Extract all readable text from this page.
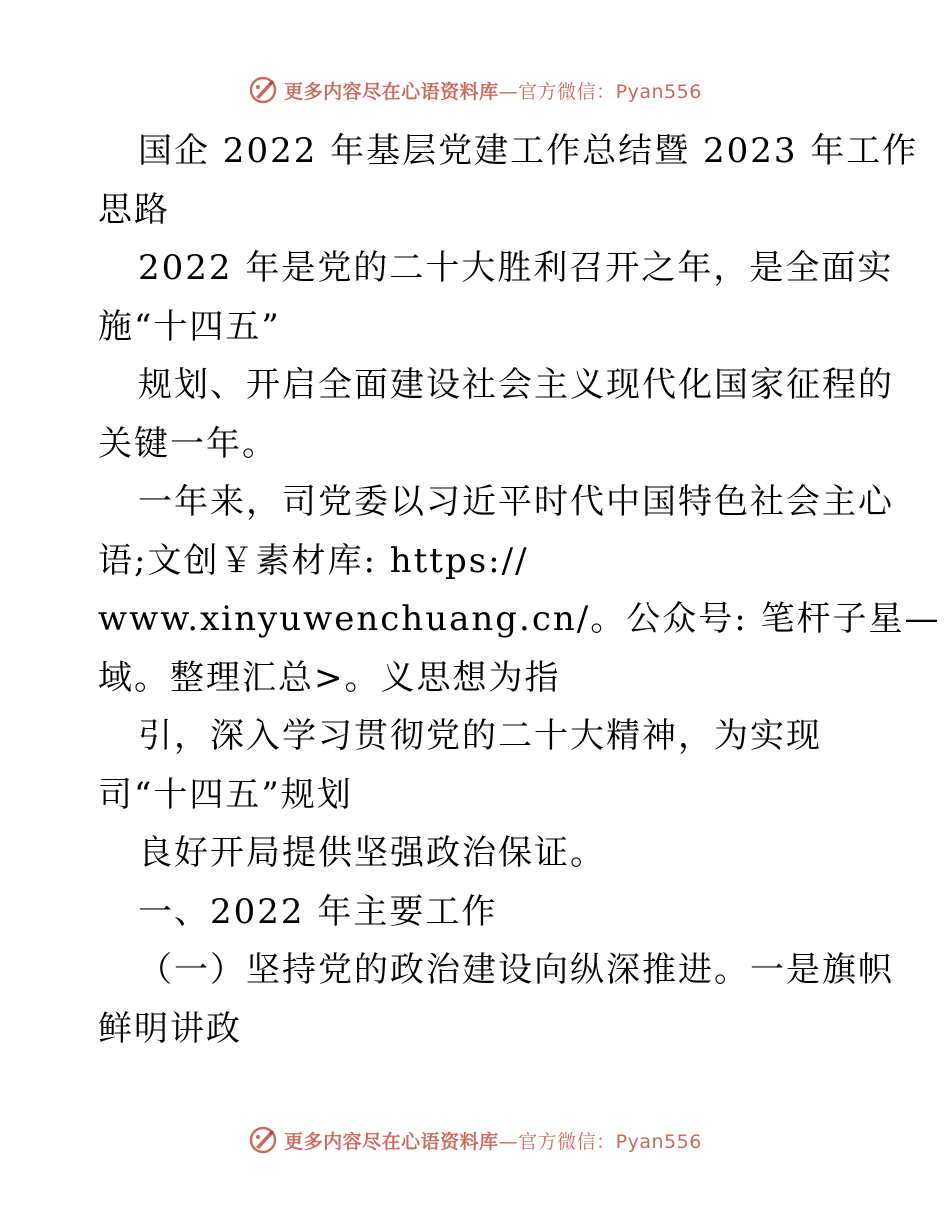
更多内容尽在心语资料库—官方微信：Pyan556
国企 2022 年基层党建工作总结暨 2023 年工作
思路
2022 年是党的二十大胜利召开之年，是全面实
施“十四五”
规划、开启全面建设社会主义现代化国家征程的
关键一年。
一年来，司党委以习近平时代中国特色社会主心
语;文创￥素材库: https://
www.xinyuwenchuang.cn/。公众号: 笔杆子星—
域。整理汇总>。义思想为指
引，深入学习贯彻党的二十大精神，为实现
司“十四五”规划
良好开局提供坚强政治保证。
一、2022 年主要工作
（一）坚持党的政治建设向纵深推进。一是旗帜
鲜明讲政
更多内容尽在心语资料库—官方微信：Pyan556
